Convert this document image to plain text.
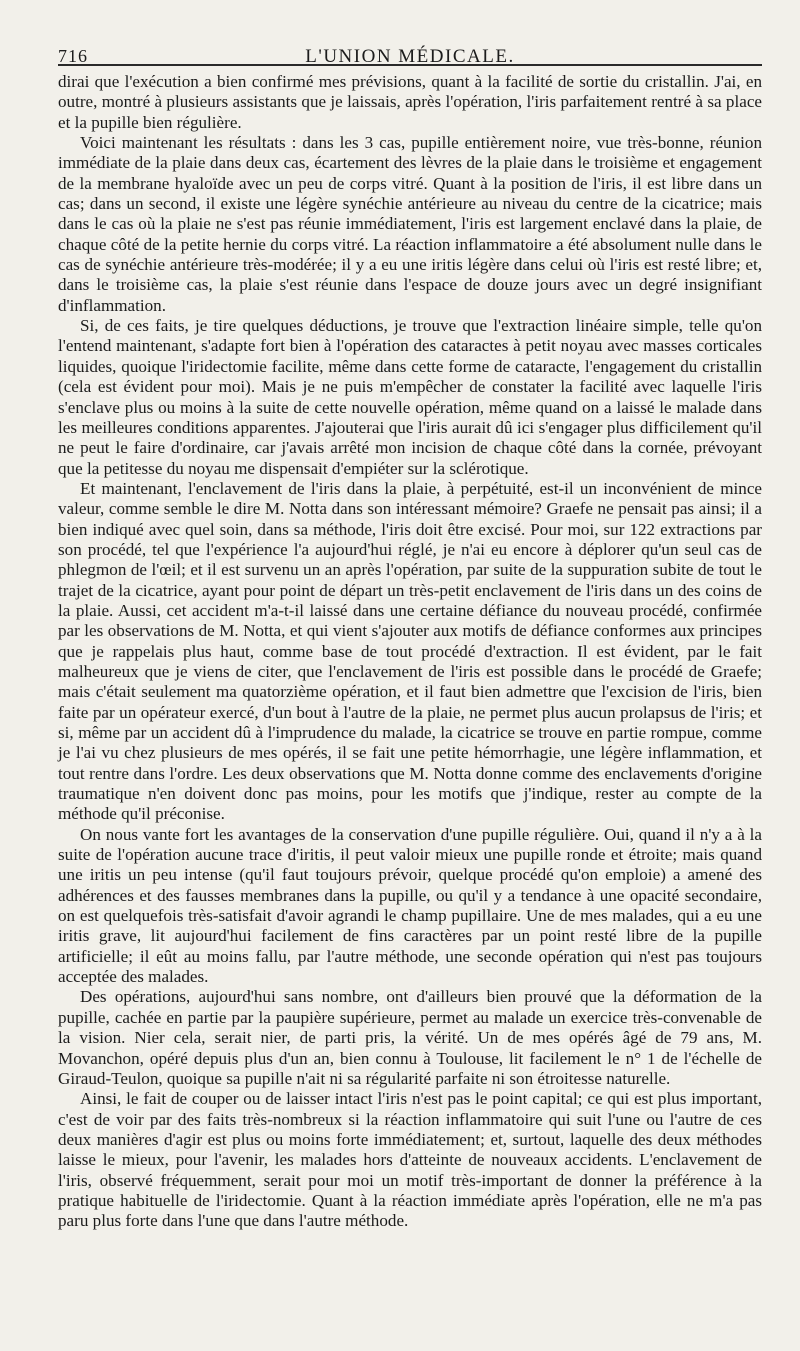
716	L'UNION MÉDICALE.

dirai que l'exécution a bien confirmé mes prévisions, quant à la facilité de sortie du cristallin. J'ai, en outre, montré à plusieurs assistants que je laissais, après l'opération, l'iris parfaitement rentré à sa place et la pupille bien régulière.

Voici maintenant les résultats : dans les 3 cas, pupille entièrement noire, vue très-bonne, réunion immédiate de la plaie dans deux cas, écartement des lèvres de la plaie dans le troisième et engagement de la membrane hyaloïde avec un peu de corps vitré. Quant à la position de l'iris, il est libre dans un cas; dans un second, il existe une légère synéchie antérieure au niveau du centre de la cicatrice; mais dans le cas où la plaie ne s'est pas réunie immédiatement, l'iris est largement enclavé dans la plaie, de chaque côté de la petite hernie du corps vitré. La réaction inflammatoire a été absolument nulle dans le cas de synéchie antérieure très-modérée; il y a eu une iritis légère dans celui où l'iris est resté libre; et, dans le troisième cas, la plaie s'est réunie dans l'espace de douze jours avec un degré insignifiant d'inflammation.

Si, de ces faits, je tire quelques déductions, je trouve que l'extraction linéaire simple, telle qu'on l'entend maintenant, s'adapte fort bien à l'opération des cataractes à petit noyau avec masses corticales liquides, quoique l'iridectomie facilite, même dans cette forme de cataracte, l'engagement du cristallin (cela est évident pour moi). Mais je ne puis m'empêcher de constater la facilité avec laquelle l'iris s'enclave plus ou moins à la suite de cette nouvelle opération, même quand on a laissé le malade dans les meilleures conditions apparentes. J'ajouterai que l'iris aurait dû ici s'engager plus difficilement qu'il ne peut le faire d'ordinaire, car j'avais arrêté mon incision de chaque côté dans la cornée, prévoyant que la petitesse du noyau me dispensait d'empiéter sur la sclérotique.

Et maintenant, l'enclavement de l'iris dans la plaie, à perpétuité, est-il un inconvénient de mince valeur, comme semble le dire M. Notta dans son intéressant mémoire? Graefe ne pensait pas ainsi; il a bien indiqué avec quel soin, dans sa méthode, l'iris doit être excisé. Pour moi, sur 122 extractions par son procédé, tel que l'expérience l'a aujourd'hui réglé, je n'ai eu encore à déplorer qu'un seul cas de phlegmon de l'œil; et il est survenu un an après l'opération, par suite de la suppuration subite de tout le trajet de la cicatrice, ayant pour point de départ un très-petit enclavement de l'iris dans un des coins de la plaie. Aussi, cet accident m'a-t-il laissé dans une certaine défiance du nouveau procédé, confirmée par les observations de M. Notta, et qui vient s'ajouter aux motifs de défiance conformes aux principes que je rappelais plus haut, comme base de tout procédé d'extraction. Il est évident, par le fait malheureux que je viens de citer, que l'enclavement de l'iris est possible dans le procédé de Graefe; mais c'était seulement ma quatorzième opération, et il faut bien admettre que l'excision de l'iris, bien faite par un opérateur exercé, d'un bout à l'autre de la plaie, ne permet plus aucun prolapsus de l'iris; et si, même par un accident dû à l'imprudence du malade, la cicatrice se trouve en partie rompue, comme je l'ai vu chez plusieurs de mes opérés, il se fait une petite hémorrhagie, une légère inflammation, et tout rentre dans l'ordre. Les deux observations que M. Notta donne comme des enclavements d'origine traumatique n'en doivent donc pas moins, pour les motifs que j'indique, rester au compte de la méthode qu'il préconise.

On nous vante fort les avantages de la conservation d'une pupille régulière. Oui, quand il n'y a à la suite de l'opération aucune trace d'iritis, il peut valoir mieux une pupille ronde et étroite; mais quand une iritis un peu intense (qu'il faut toujours prévoir, quelque procédé qu'on emploie) a amené des adhérences et des fausses membranes dans la pupille, ou qu'il y a tendance à une opacité secondaire, on est quelquefois très-satisfait d'avoir agrandi le champ pupillaire. Une de mes malades, qui a eu une iritis grave, lit aujourd'hui facilement de fins caractères par un point resté libre de la pupille artificielle; il eût au moins fallu, par l'autre méthode, une seconde opération qui n'est pas toujours acceptée des malades.

Des opérations, aujourd'hui sans nombre, ont d'ailleurs bien prouvé que la déformation de la pupille, cachée en partie par la paupière supérieure, permet au malade un exercice très-convenable de la vision. Nier cela, serait nier, de parti pris, la vérité. Un de mes opérés âgé de 79 ans, M. Movanchon, opéré depuis plus d'un an, bien connu à Toulouse, lit facilement le n° 1 de l'échelle de Giraud-Teulon, quoique sa pupille n'ait ni sa régularité parfaite ni son étroitesse naturelle.

Ainsi, le fait de couper ou de laisser intact l'iris n'est pas le point capital; ce qui est plus important, c'est de voir par des faits très-nombreux si la réaction inflammatoire qui suit l'une ou l'autre de ces deux manières d'agir est plus ou moins forte immédiatement; et, surtout, laquelle des deux méthodes laisse le mieux, pour l'avenir, les malades hors d'atteinte de nouveaux accidents. L'enclavement de l'iris, observé fréquemment, serait pour moi un motif très-important de donner la préférence à la pratique habituelle de l'iridectomie. Quant à la réaction immédiate après l'opération, elle ne m'a pas paru plus forte dans l'une que dans l'autre méthode.
